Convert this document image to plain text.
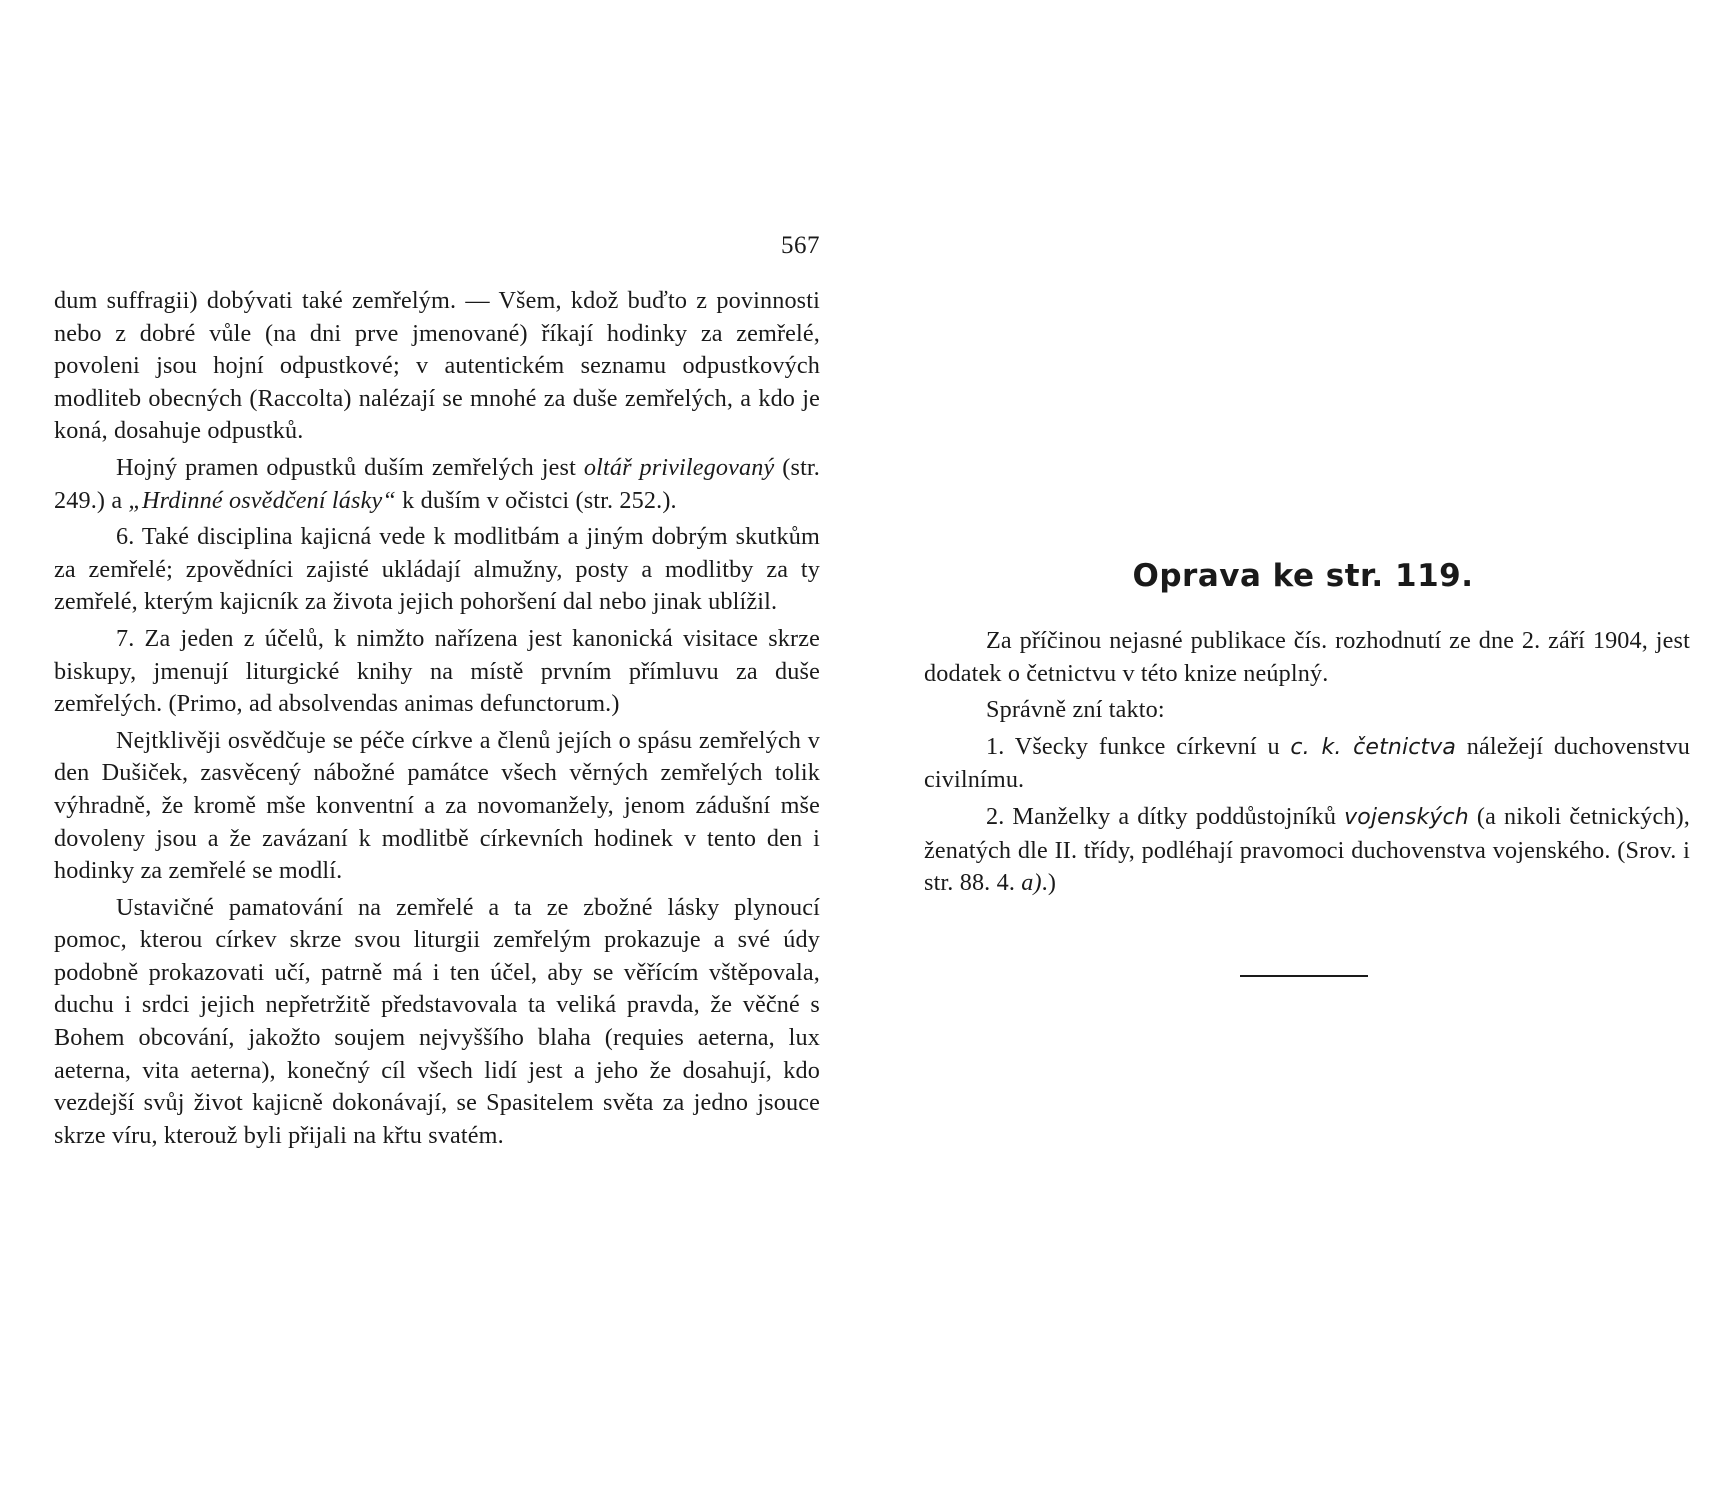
567

dum suffragii) dobývati také zemřelým. — Všem, kdož buďto z povinnosti nebo z dobré vůle (na dni prve jmenované) říkají hodinky za zemřelé, povoleni jsou hojní odpustkové; v autentickém seznamu odpustkových modliteb obecných (Raccolta) nalézají se mnohé za duše zemřelých, a kdo je koná, dosahuje odpustků.

Hojný pramen odpustků duším zemřelých jest oltář privilegovaný (str. 249.) a „Hrdinné osvědčení lásky“ k duším v očistci (str. 252.).

6. Také disciplina kajicná vede k modlitbám a jiným dobrým skutkům za zemřelé; zpovědníci zajisté ukládají almužny, posty a modlitby za ty zemřelé, kterým kajicník za života jejich pohoršení dal nebo jinak ublížil.

7. Za jeden z účelů, k nimžto nařízena jest kanonická visitace skrze biskupy, jmenují liturgické knihy na místě prvním přímluvu za duše zemřelých. (Primo, ad absolvendas animas defunctorum.)

Nejtklivěji osvědčuje se péče církve a členů jejích o spásu zemřelých v den Dušiček, zasvěcený nábožné památce všech věrných zemřelých tolik výhradně, že kromě mše konventní a za novomanžely, jenom zádušní mše dovoleny jsou a že zavázaní k modlitbě církevních hodinek v tento den i hodinky za zemřelé se modlí.

Ustavičné pamatování na zemřelé a ta ze zbožné lásky plynoucí pomoc, kterou církev skrze svou liturgii zemřelým prokazuje a své údy podobně prokazovati učí, patrně má i ten účel, aby se věřícím vštěpovala, duchu i srdci jejich nepřetržitě představovala ta veliká pravda, že věčné s Bohem obcování, jakožto soujem nejvyššího blaha (requies aeterna, lux aeterna, vita aeterna), konečný cíl všech lidí jest a jeho že dosahují, kdo vezdejší svůj život kajicně dokonávají, se Spasitelem světa za jedno jsouce skrze víru, kterouž byli přijali na křtu svatém.

Oprava ke str. 119.

Za příčinou nejasné publikace čís. rozhodnutí ze dne 2. září 1904, jest dodatek o četnictvu v této knize neúplný.

Správně zní takto:

1. Všecky funkce církevní u c. k. četnictva náležejí duchovenstvu civilnímu.

2. Manželky a dítky poddůstojníků vojenských (a nikoli četnických), ženatých dle II. třídy, podléhají pravomoci duchovenstva vojenského. (Srov. i str. 88. 4. a).)
